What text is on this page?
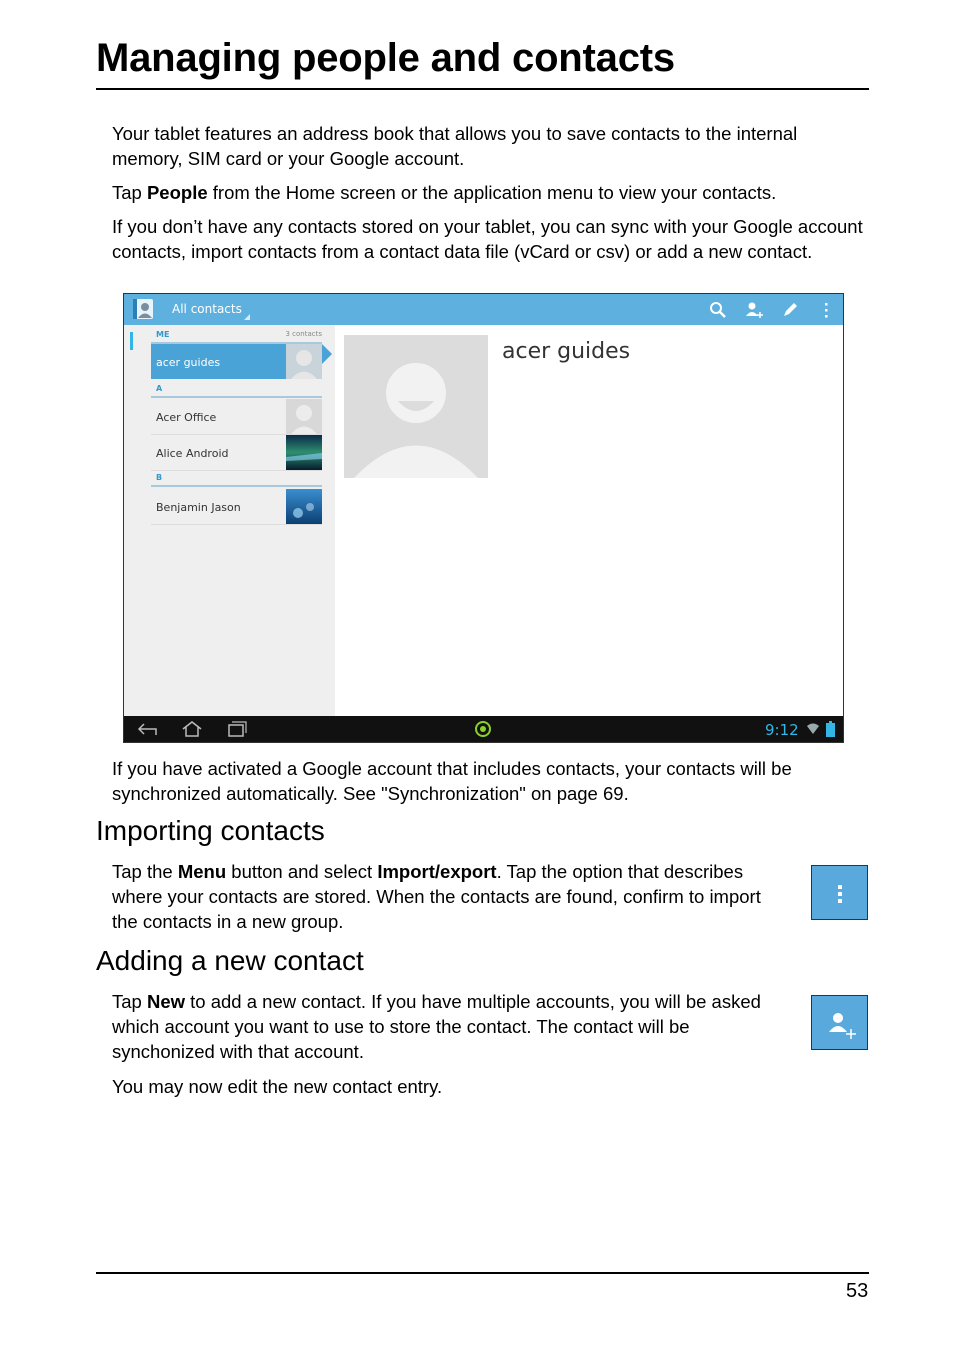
Managing people and contacts

Your tablet features an address book that allows you to save contacts to the internal memory, SIM card or your Google account.

Tap People from the Home screen or the application menu to view your contacts.

If you don’t have any contacts stored on your tablet, you can sync with your Google account contacts, import contacts from a contact data file (vCard or csv) or add a new contact.

All contacts
ME	3 contacts
acer guides
A
Acer Office
Alice Android
B
Benjamin Jason
acer guides
9:12

If you have activated a Google account that includes contacts, your contacts will be synchronized automatically. See "Synchronization" on page 69.

Importing contacts

Tap the Menu button and select Import/export. Tap the option that describes where your contacts are stored. When the contacts are found, confirm to import the contacts in a new group.

Adding a new contact

Tap New to add a new contact. If you have multiple accounts, you will be asked which account you want to use to store the contact. The contact will be synchonized with that account.

You may now edit the new contact entry.

53
